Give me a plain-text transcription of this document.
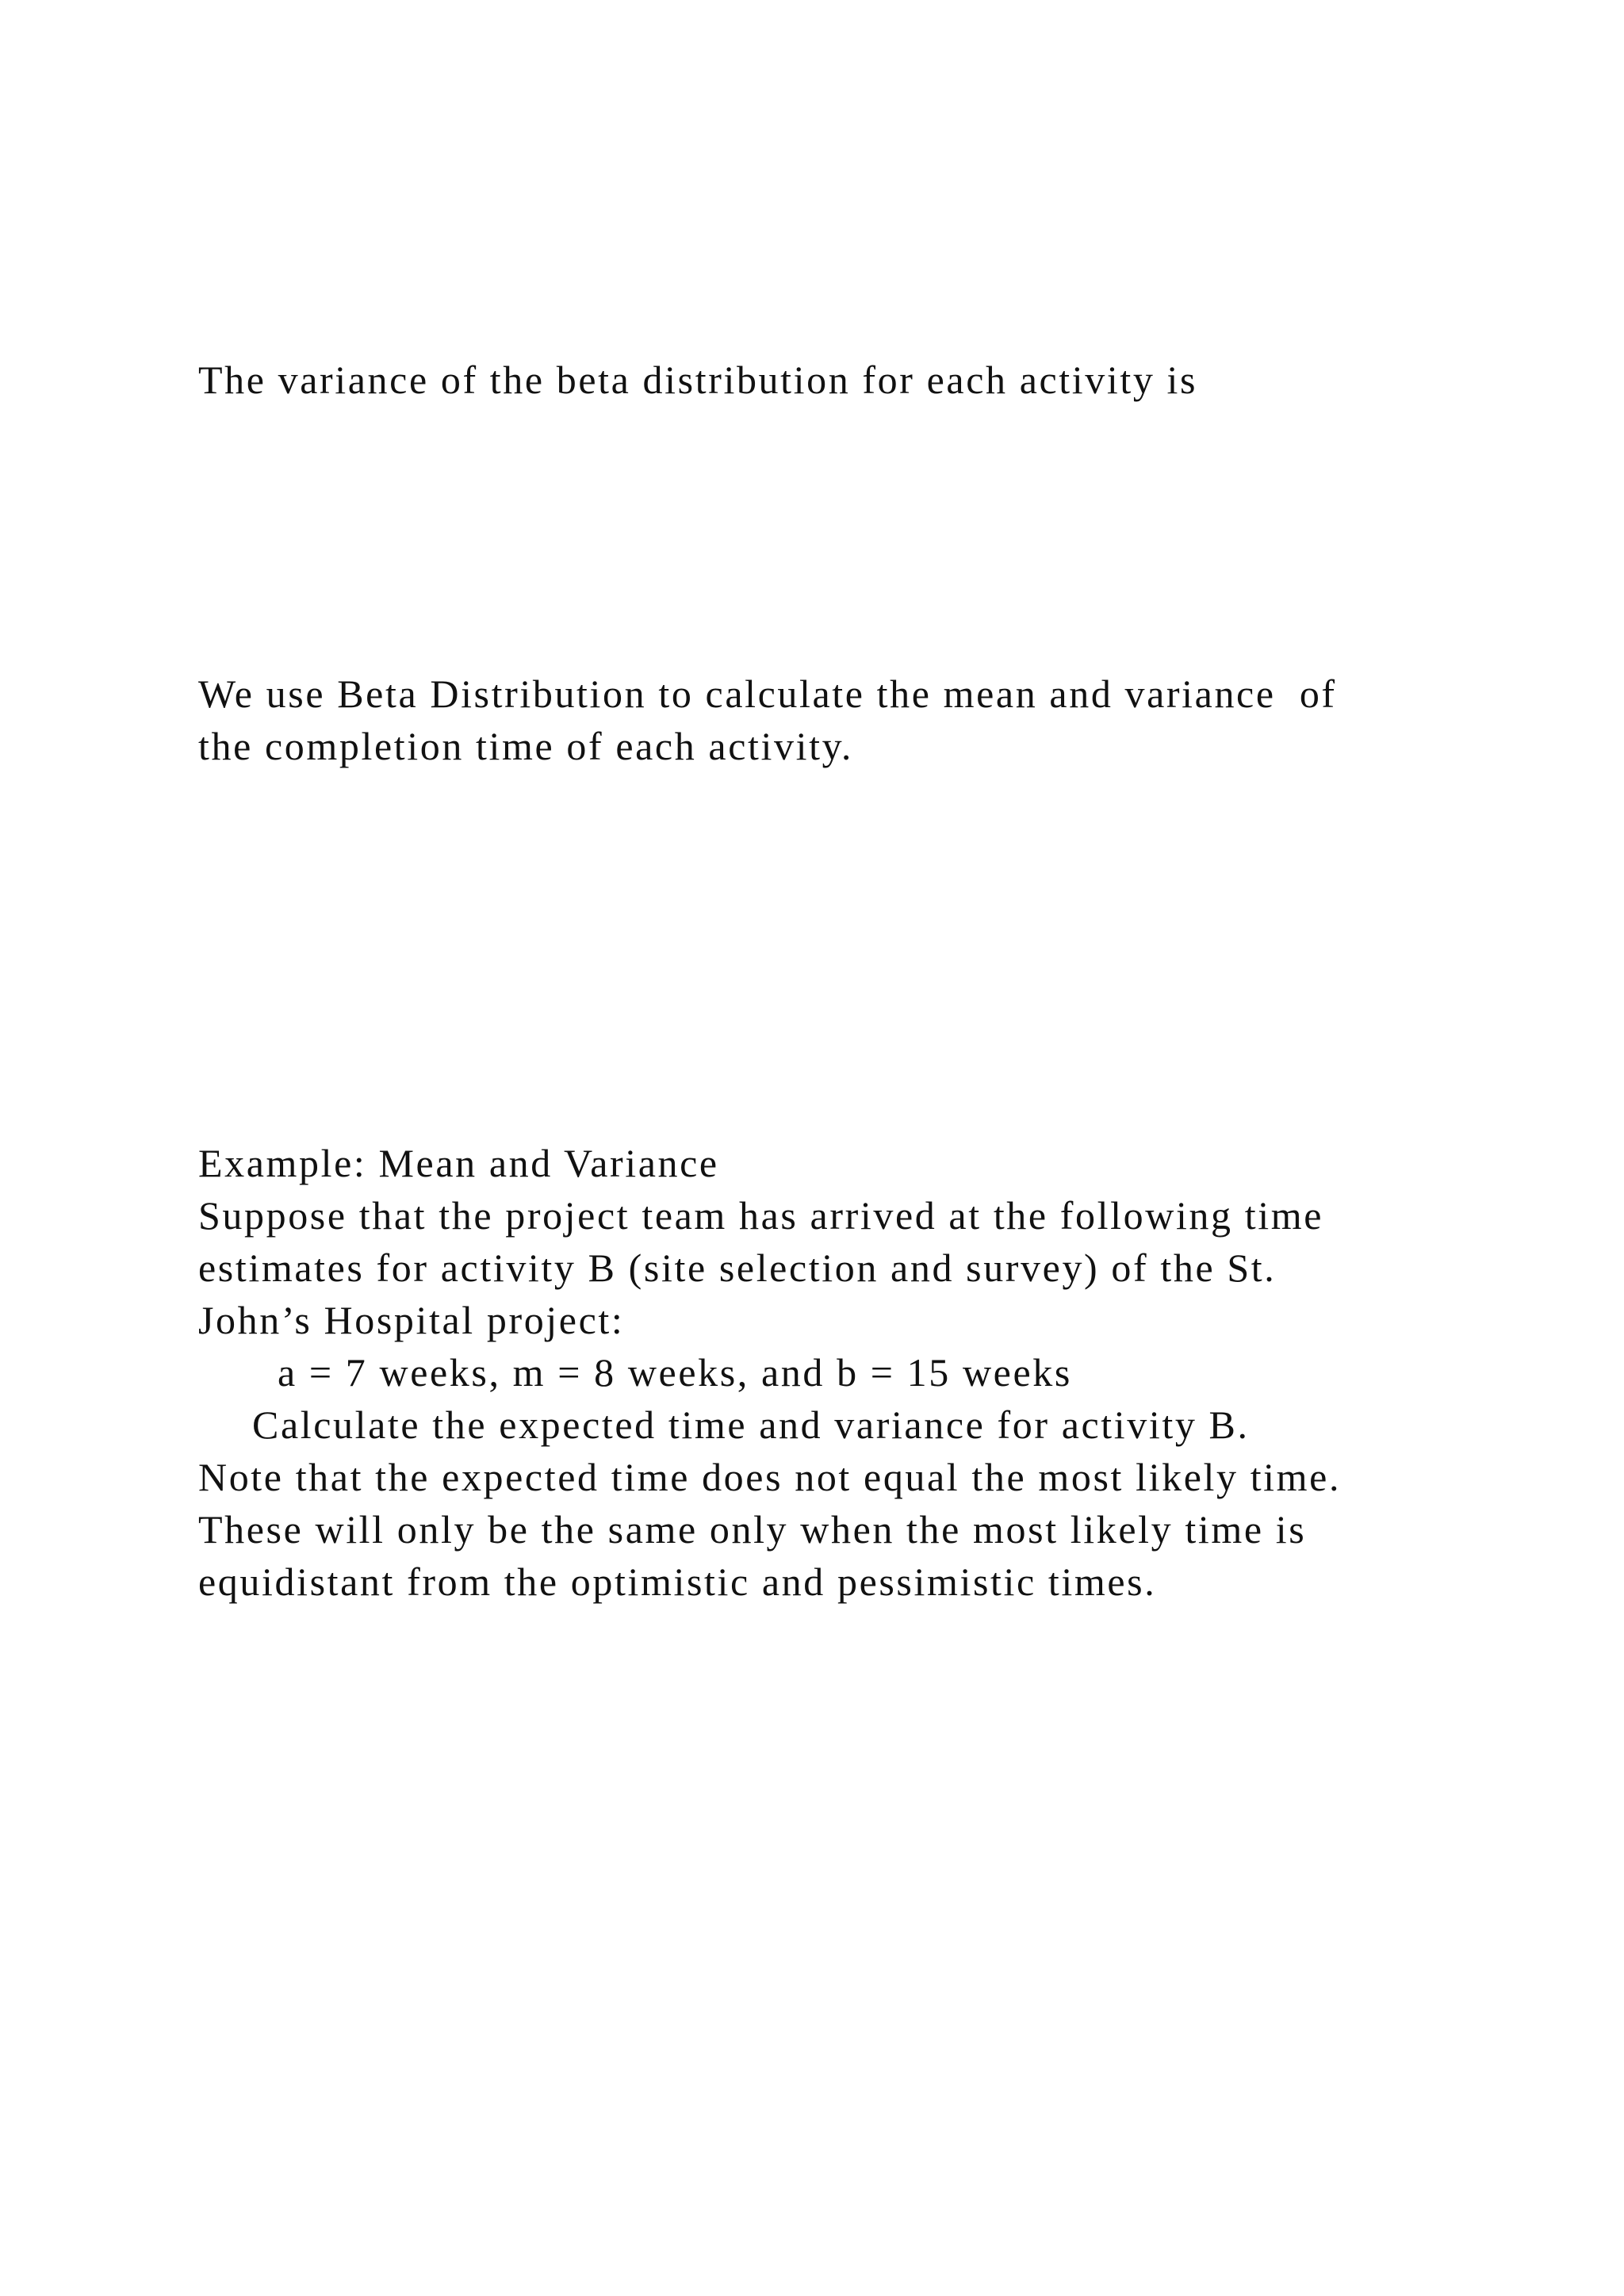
The variance of the beta distribution for each activity is

We use Beta Distribution to calculate the mean and variance  of

the completion time of each activity.

Example: Mean and Variance

Suppose that the project team has arrived at the following time

estimates for activity B (site selection and survey) of the St.

John’s Hospital project:

a = 7 weeks, m = 8 weeks, and b = 15 weeks

Calculate the expected time and variance for activity B.

Note that the expected time does not equal the most likely time.

These will only be the same only when the most likely time is

equidistant from the optimistic and pessimistic times.
